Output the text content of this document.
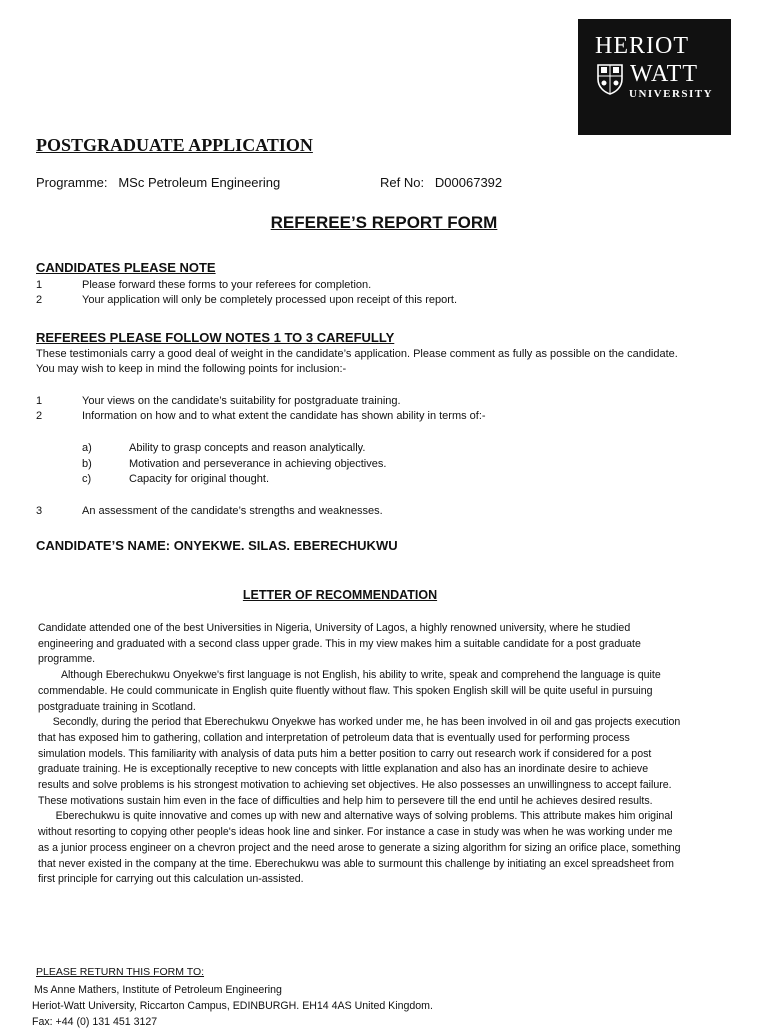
HERIOT
WATT
UNIVERSITY
POSTGRADUATE APPLICATION
Programme:   MSc Petroleum Engineering	Ref No:   D00067392
REFEREE’S REPORT FORM
CANDIDATES PLEASE NOTE
1	Please forward these forms to your referees for completion.
2	Your application will only be completely processed upon receipt of this report.
REFEREES PLEASE FOLLOW NOTES 1 TO 3 CAREFULLY
These testimonials carry a good deal of weight in the candidate’s application. Please comment as fully as possible on the candidate.
You may wish to keep in mind the following points for inclusion:-
1	Your views on the candidate’s suitability for postgraduate training.
2	Information on how and to what extent the candidate has shown ability in terms of:-
a)	Ability to grasp concepts and reason analytically.
b)	Motivation and perseverance in achieving objectives.
c)	Capacity for original thought.
3	An assessment of the candidate’s strengths and weaknesses.
CANDIDATE’S NAME: ONYEKWE. SILAS. EBERECHUKWU
LETTER OF RECOMMENDATION

Candidate attended one of the best Universities in Nigeria, University of Lagos, a highly renowned university, where he studied

engineering and graduated with a second class upper grade. This in my view makes him a suitable candidate for a post graduate

programme.

Although Eberechukwu Onyekwe's first language is not English, his ability to write, speak and comprehend the language is quite

commendable. He could communicate in English quite fluently without flaw. This spoken English skill will be quite useful in pursuing

postgraduate training in Scotland.

Secondly, during the period that Eberechukwu Onyekwe has worked under me, he has been involved in oil and gas projects execution

that has exposed him to gathering, collation and interpretation of petroleum data that is eventually used for performing process

simulation models. This familiarity with analysis of data puts him a better position to carry out research work if considered for a post

graduate training. He is exceptionally receptive to new concepts with little explanation and also has an inordinate desire to achieve

results and solve problems is his strongest motivation to achieving set objectives. He also possesses an unwillingness to accept failure.

These motivations sustain him even in the face of difficulties and help him to persevere till the end until he achieves desired results.

Eberechukwu is quite innovative and comes up with new and alternative ways of solving problems. This attribute makes him original

without resorting to copying other people's ideas hook line and sinker. For instance a case in study was when he was working under me

as a junior process engineer on a chevron project and the need arose to generate a sizing algorithm for sizing an orifice place, something

that never existed in the company at the time. Eberechukwu was able to surmount this challenge by initiating an excel spreadsheet from

first principle for carrying out this calculation un-assisted.

PLEASE RETURN THIS FORM TO:
Ms Anne Mathers, Institute of Petroleum Engineering
Heriot-Watt University, Riccarton Campus, EDINBURGH. EH14 4AS United Kingdom.
Fax: +44 (0) 131 451 3127
